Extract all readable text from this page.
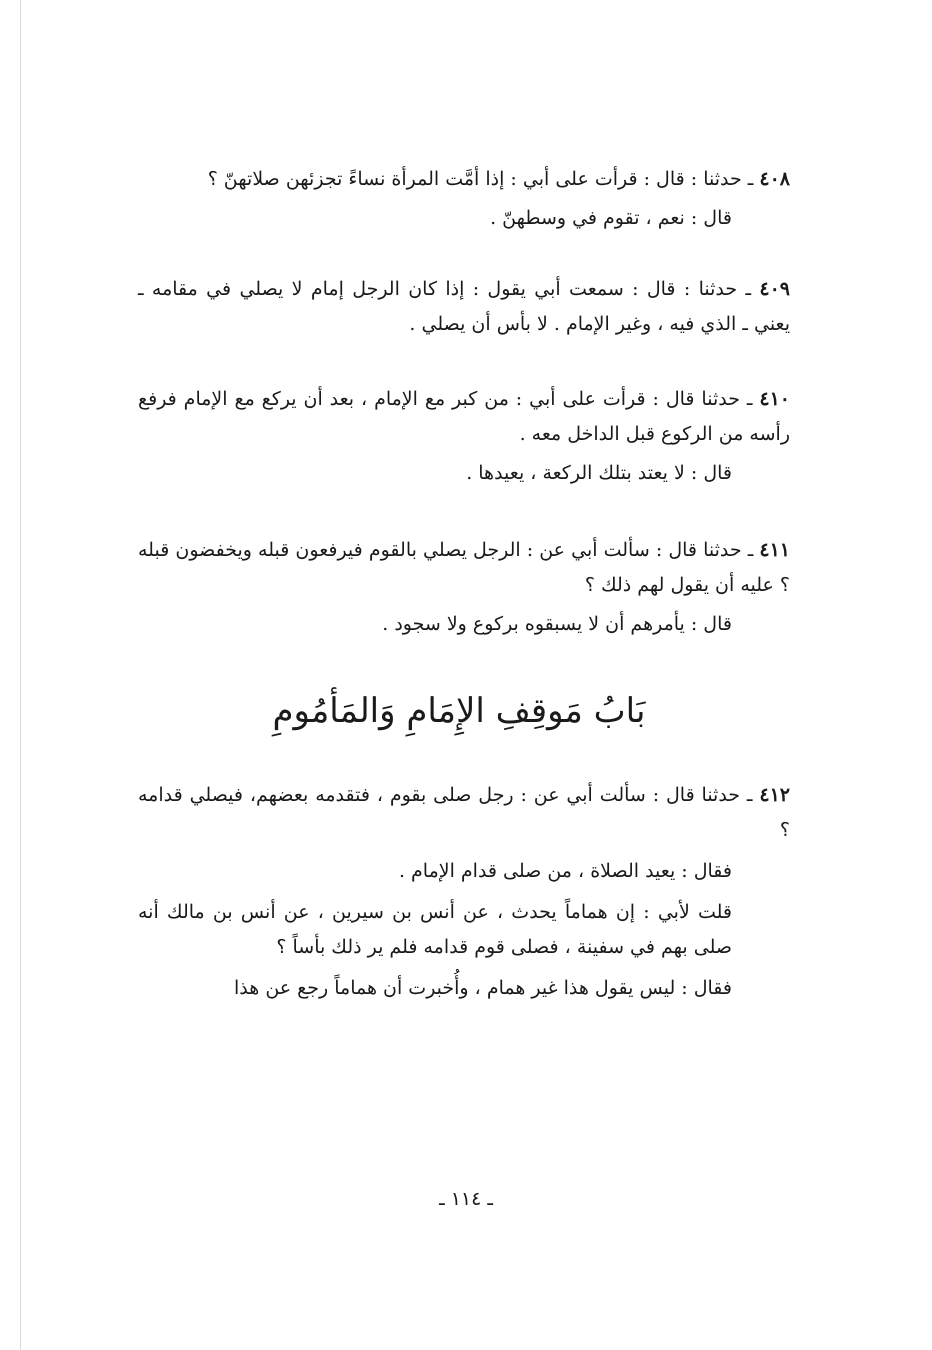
٤٠٨ ـ حدثنا : قال : قرأت على أبي : إذا أمَّت المرأة نساءً تجزئهن صلاتهنّ ؟

قال : نعم ، تقوم في وسطهنّ .

٤٠٩ ـ حدثنا : قال : سمعت أبي يقول : إذا كان الرجل إمام لا يصلي في مقامه ـ يعني ـ الذي فيه ، وغير الإمام . لا بأس أن يصلي .

٤١٠ ـ حدثنا قال : قرأت على أبي : من كبر مع الإمام ، بعد أن يركع مع الإمام فرفع رأسه من الركوع قبل الداخل معه .

قال : لا يعتد بتلك الركعة ، يعيدها .

٤١١ ـ حدثنا قال : سألت أبي عن : الرجل يصلي بالقوم فيرفعون قبله ويخفضون قبله ؟ عليه أن يقول لهم ذلك ؟

قال : يأمرهم أن لا يسبقوه بركوع ولا سجود .

بَابُ مَوقِفِ الإِمَامِ وَالمَأمُومِ

٤١٢ ـ حدثنا قال : سألت أبي عن : رجل صلى بقوم ، فتقدمه بعضهم، فيصلي قدامه ؟

فقال : يعيد الصلاة ، من صلى قدام الإمام .

قلت لأبي : إن هماماً يحدث ، عن أنس بن سيرين ، عن أنس بن مالك أنه صلى بهم في سفينة ، فصلى قوم قدامه فلم ير ذلك بأساً ؟

فقال : ليس يقول هذا غير همام ، وأُخبرت أن هماماً رجع عن هذا

ـ ١١٤ ـ
